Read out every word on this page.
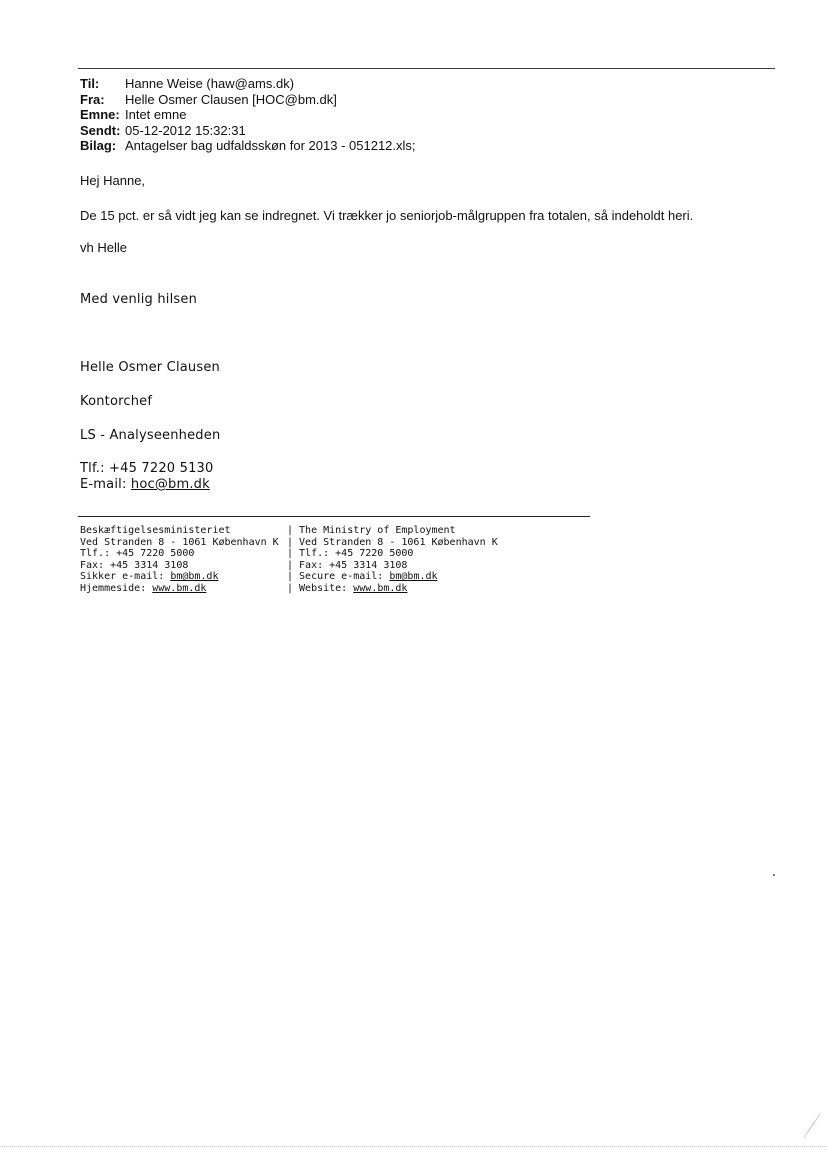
Til:	Hanne Weise (haw@ams.dk)
Fra:	Helle Osmer Clausen [HOC@bm.dk]
Emne: Intet emne
Sendt: 05-12-2012 15:32:31
Bilag: Antagelser bag udfaldsskøn for 2013 - 051212.xls;
Hej Hanne,
De 15 pct. er så vidt jeg kan se indregnet. Vi trækker jo seniorjob-målgruppen fra totalen, så indeholdt heri.
vh Helle
Med venlig hilsen
Helle Osmer Clausen
Kontorchef
LS - Analyseenheden
Tlf.: +45 7220 5130
E-mail: hoc@bm.dk
Beskæftigelsesministeriet
Ved Stranden 8 - 1061 København K
Tlf.: +45 7220 5000
Fax: +45 3314 3108
Sikker e-mail: bm@bm.dk
Hjemmeside: www.bm.dk
| The Ministry of Employment
| Ved Stranden 8 - 1061 København K
| Tlf.: +45 7220 5000
| Fax: +45 3314 3108
| Secure e-mail: bm@bm.dk
| Website: www.bm.dk
